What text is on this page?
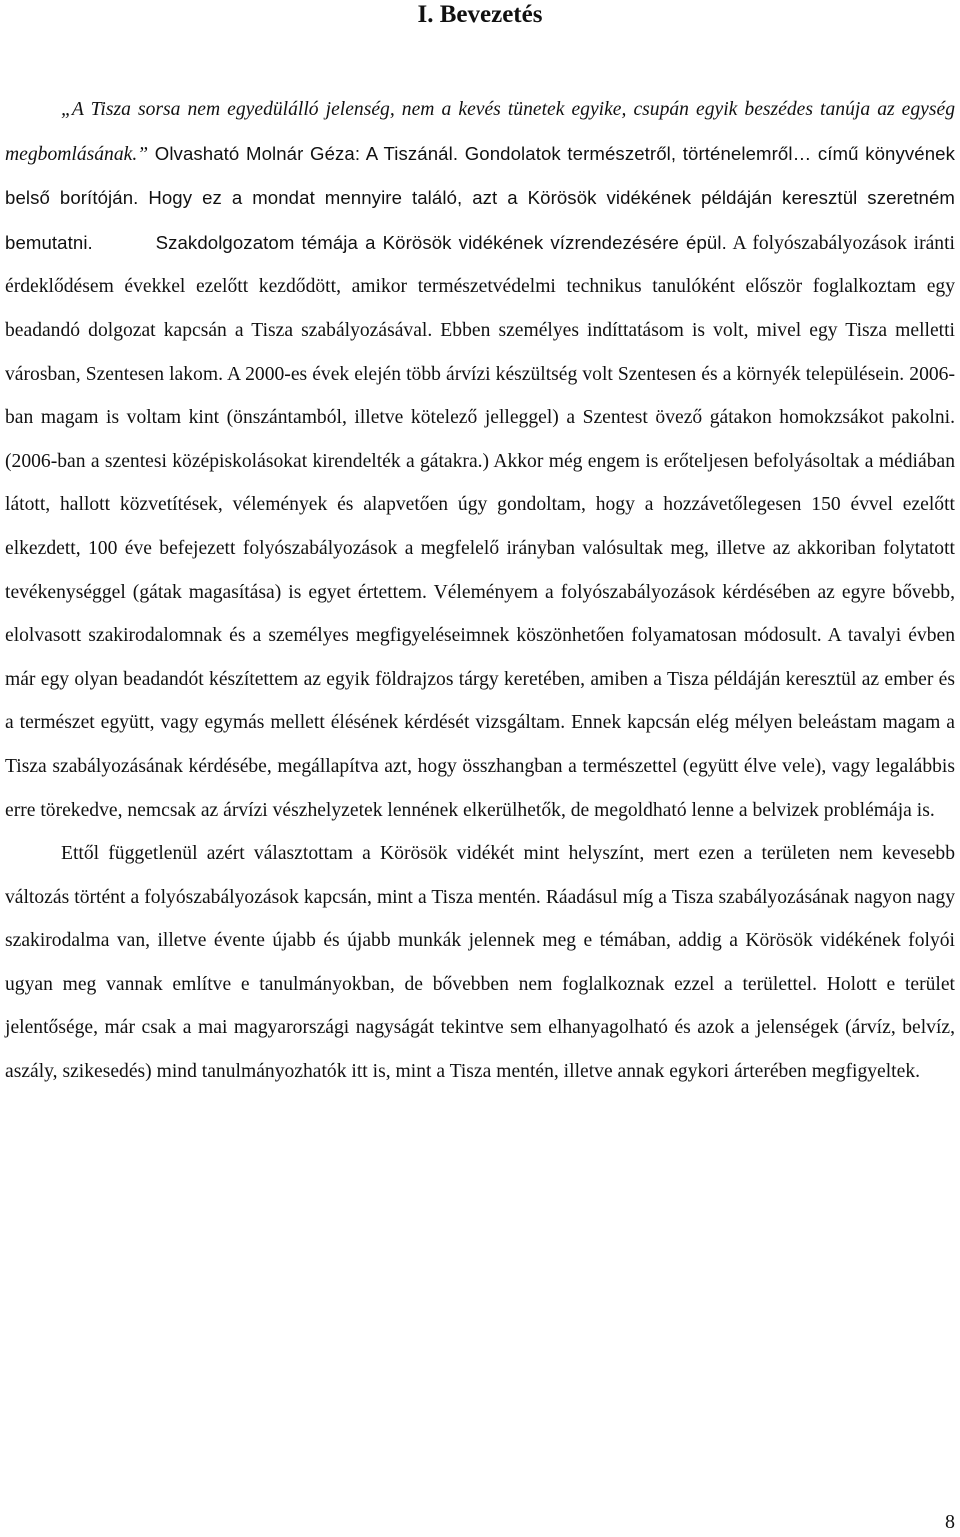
I. Bevezetés

„A Tisza sorsa nem egyedülálló jelenség, nem a kevés tünetek egyike, csupán egyik beszédes tanúja az egység megbomlásának.” Olvasható Molnár Géza: A Tiszánál. Gondolatok természetről, történelemről… című könyvének belső borítóján. Hogy ez a mondat mennyire találó, azt a Körösök vidékének példáján keresztül szeretném bemutatni.	Szakdolgozatom témája a Körösök vidékének vízrendezésére épül. A folyószabályozások iránti érdeklődésem évekkel ezelőtt kezdődött, amikor természetvédelmi technikus tanulóként először foglalkoztam egy beadandó dolgozat kapcsán a Tisza szabályozásával. Ebben személyes indíttatásom is volt, mivel egy Tisza melletti városban, Szentesen lakom. A 2000-es évek elején több árvízi készültség volt Szentesen és a környék településein. 2006-ban magam is voltam kint (önszántamból, illetve kötelező jelleggel) a Szentest övező gátakon homokzsákot pakolni. (2006-ban a szentesi középiskolásokat kirendelték a gátakra.) Akkor még engem is erőteljesen befolyásoltak a médiában látott, hallott közvetítések, vélemények és alapvetően úgy gondoltam, hogy a hozzávetőlegesen 150 évvel ezelőtt elkezdett, 100 éve befejezett folyószabályozások a megfelelő irányban valósultak meg, illetve az akkoriban folytatott tevékenységgel (gátak magasítása) is egyet értettem. Véleményem a folyószabályozások kérdésében az egyre bővebb, elolvasott szakirodalomnak és a személyes megfigyeléseimnek köszönhetően folyamatosan módosult. A tavalyi évben már egy olyan beadandót készítettem az egyik földrajzos tárgy keretében, amiben a Tisza példáján keresztül az ember és a természet együtt, vagy egymás mellett élésének kérdését vizsgáltam. Ennek kapcsán elég mélyen beleástam magam a Tisza szabályozásának kérdésébe, megállapítva azt, hogy összhangban a természettel (együtt élve vele), vagy legalábbis erre törekedve, nemcsak az árvízi vészhelyzetek lennének elkerülhetők, de megoldható lenne a belvizek problémája is.

Ettől függetlenül azért választottam a Körösök vidékét mint helyszínt, mert ezen a területen nem kevesebb változás történt a folyószabályozások kapcsán, mint a Tisza mentén. Ráadásul míg a Tisza szabályozásának nagyon nagy szakirodalma van, illetve évente újabb és újabb munkák jelennek meg e témában, addig a Körösök vidékének folyói ugyan meg vannak említve e tanulmányokban, de bővebben nem foglalkoznak ezzel a területtel. Holott e terület jelentősége, már csak a mai magyarországi nagyságát tekintve sem elhanyagolható és azok a jelenségek (árvíz, belvíz, aszály, szikesedés) mind tanulmányozhatók itt is, mint a Tisza mentén, illetve annak egykori árterében megfigyeltek.

8
